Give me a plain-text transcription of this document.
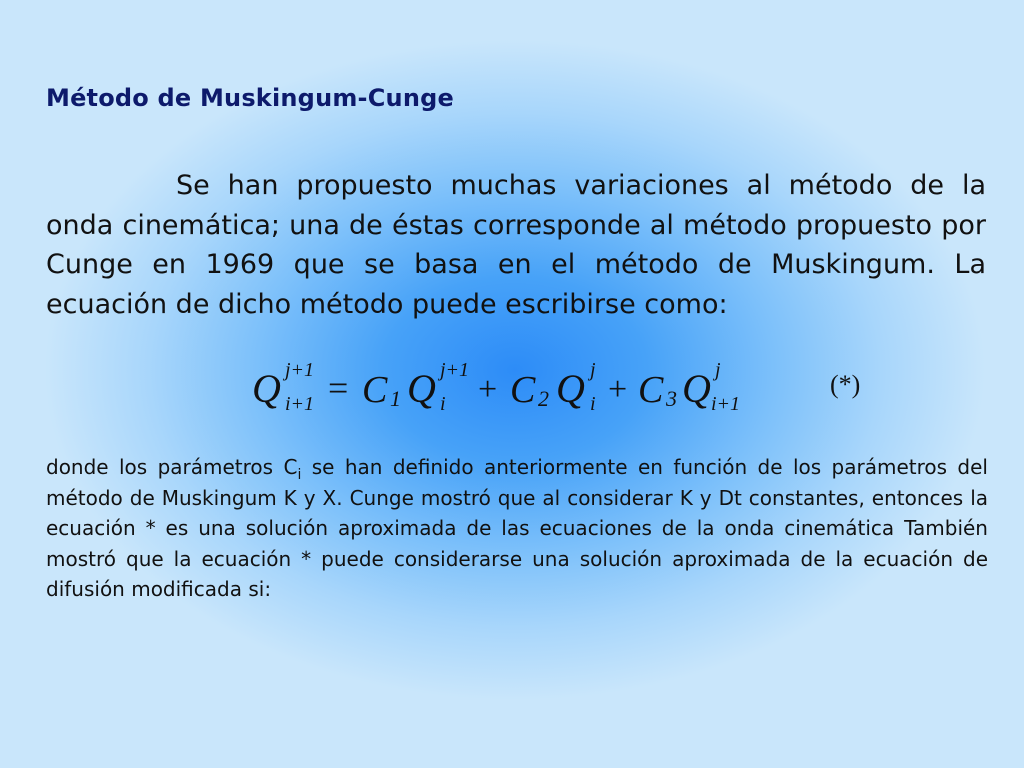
Método de Muskingum-Cunge

Se han propuesto muchas variaciones al método de la onda cinemática; una de éstas corresponde al método propuesto por Cunge en 1969 que se basa en el método de Muskingum. La ecuación de dicho método puede escribirse como:

Q j+1
i+1 = C 1 Q j+1
i + C 2 Q j
i + C 3 Q j
i+1
(*)

donde los parámetros $C_i$ se han definido anteriormente en función de los parámetros del método de Muskingum K y X. Cunge mostró que al considerar K y Dt constantes, entonces la ecuación * es una solución aproximada de las ecuaciones de la onda cinemática También mostró que la ecuación * puede considerarse una solución aproximada de la ecuación de difusión modificada si:
